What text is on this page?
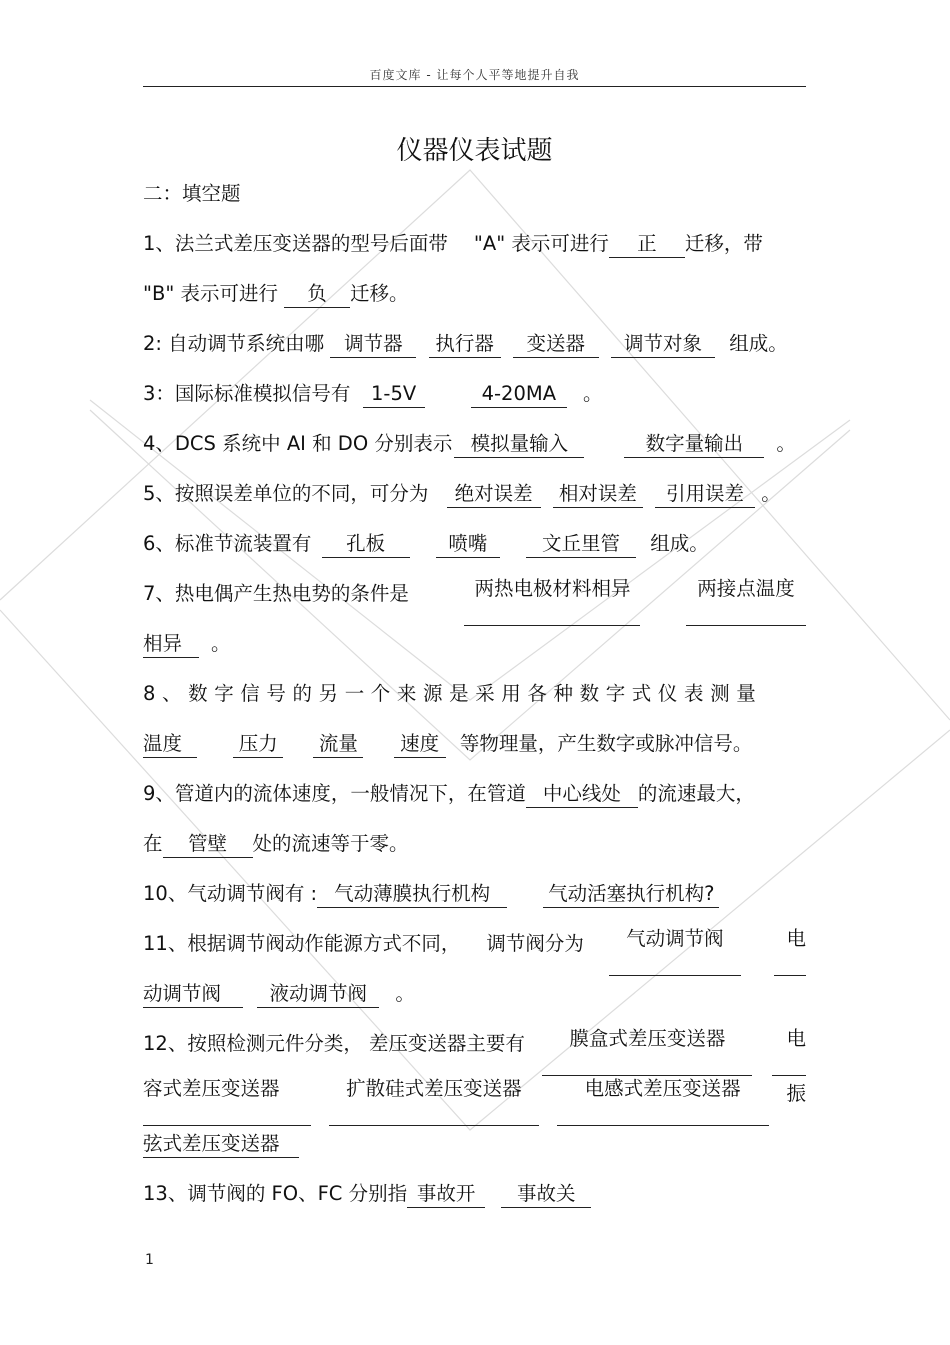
百度文库 - 让每个人平等地提升自我
仪器仪表试题
二：填空题
1、法兰式差压变送器的型号后面带 "A" 表示可进行 正 迁移，带
"B" 表示可进行 负 迁移。
2: 自动调节系统由哪 调节器 执行器 变送器 调节对象 组成。
3：国际标准模拟信号有 1-5V	4-20MA 。
4、DCS 系统中 AI 和 DO 分别表示 模拟量输入	数字量输出 。
5、按照误差单位的不同，可分为 绝对误差 相对误差 引用误差 。
6、标准节流装置有 孔板	喷嘴	文丘里管 组成。
7、热电偶产生热电势的条件是	两热电极材料相异	两接点温度
相异 。
8、数字信号的另一个来源是采用各种数字式仪表测量
温度	压力 流量 速度 等物理量，产生数字或脉冲信号。
9、管道内的流体速度，一般情况下，在管道 中心线处 的流速最大，
在 管壁 处的流速等于零。
10、气动调节阀有 : 气动薄膜执行机构	气动活塞执行机构?
11、根据调节阀动作能源方式不同， 调节阀分为	气动调节阀	电
动调节阀 液动调节阀 。
12、按照检测元件分类， 差压变送器主要有	膜盒式差压变送器	电
容式差压变送器	扩散硅式差压变送器	电感式差压变送器	振
弦式差压变送器
13、调节阀的 FO、FC 分别指 事故开 事故关
1
